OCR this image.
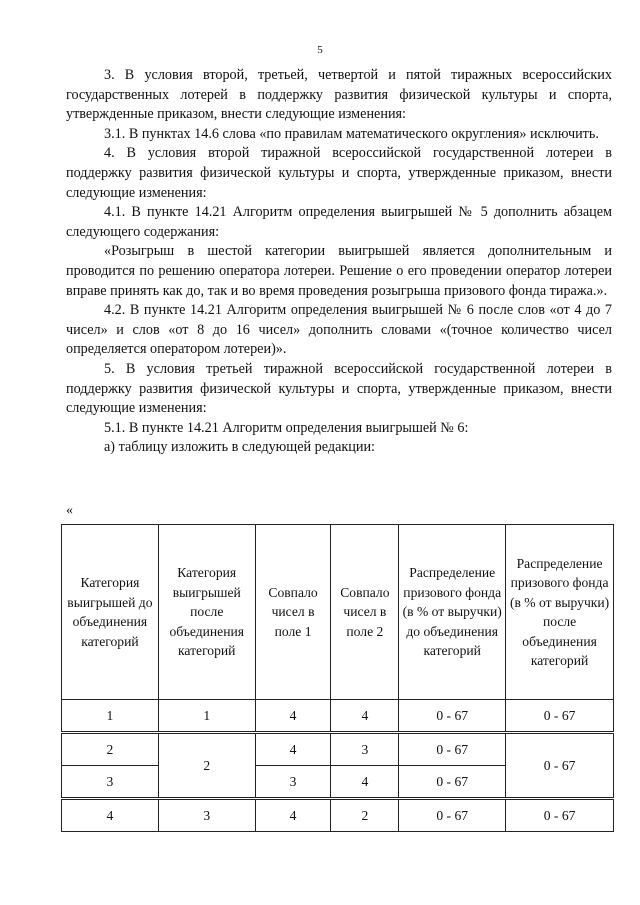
5

3. В условия второй, третьей, четвертой и пятой тиражных всероссийских государственных лотерей в поддержку развития физической культуры и спорта, утвержденные приказом, внести следующие изменения:

3.1. В пунктах 14.6 слова «по правилам математического округления» исключить.

4. В условия второй тиражной всероссийской государственной лотереи в поддержку развития физической культуры и спорта, утвержденные приказом, внести следующие изменения:

4.1. В пункте 14.21 Алгоритм определения выигрышей № 5 дополнить абзацем следующего содержания:

«Розыгрыш в шестой категории выигрышей является дополнительным и проводится по решению оператора лотереи. Решение о его проведении оператор лотереи вправе принять как до, так и во время проведения розыгрыша призового фонда тиража.».

4.2. В пункте 14.21 Алгоритм определения выигрышей № 6 после слов «от 4 до 7 чисел» и слов «от 8 до 16 чисел» дополнить словами «(точное количество чисел определяется оператором лотереи)».

5. В условия третьей тиражной всероссийской государственной лотереи в поддержку развития физической культуры и спорта, утвержденные приказом, внести следующие изменения:

5.1. В пункте 14.21 Алгоритм определения выигрышей № 6:

а) таблицу изложить в следующей редакции:

«
Категория выигрышей до объединения категорий	Категория выигрышей после объединения категорий	Совпало чисел в поле 1	Совпало чисел в поле 2	Распределение призового фонда (в % от выручки) до объединения категорий	Распределение призового фонда (в % от выручки) после объединения категорий
1	1	4	4	0 - 67	0 - 67

2	2	4	3	0 - 67	0 - 67
3		3	4	0 - 67	

4	3	4	2	0 - 67	0 - 67
